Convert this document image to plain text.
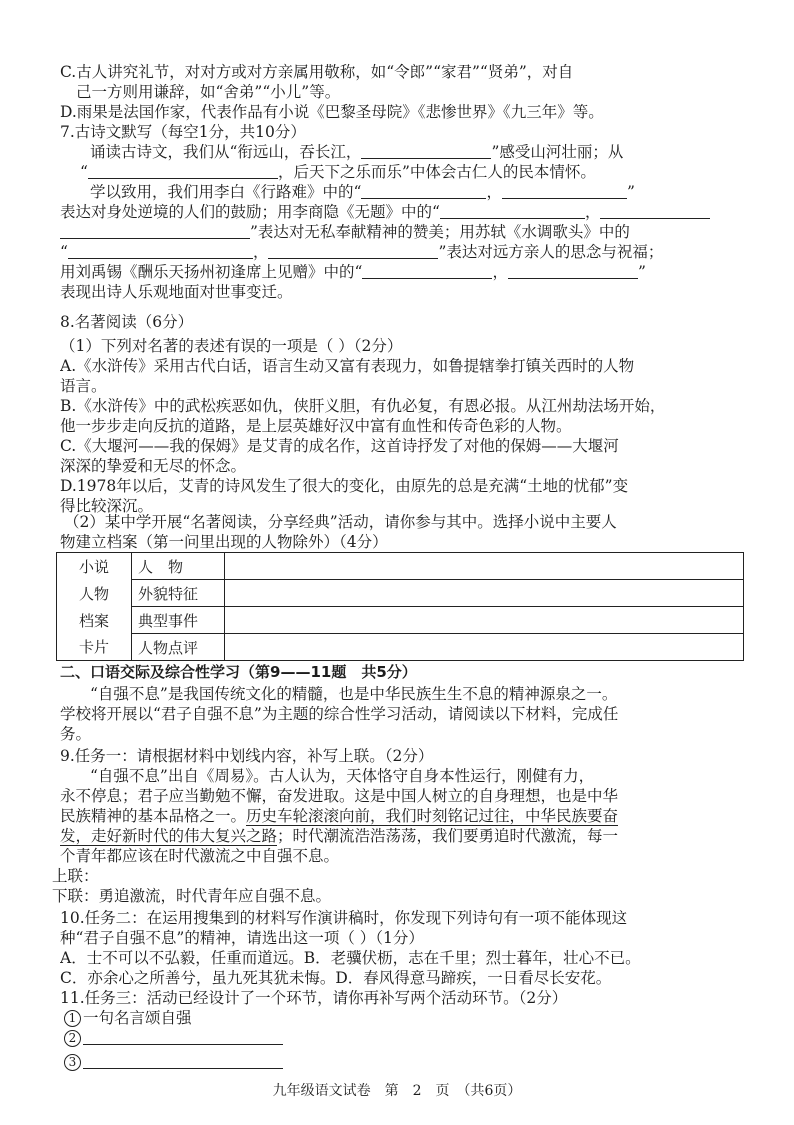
C.古人讲究礼节，对对方或对方亲属用敬称，如“令郎”“家君”“贤弟”，对自
己一方则用谦辞，如“舍弟”“小儿”等。
D.雨果是法国作家，代表作品有小说《巴黎圣母院》《悲惨世界》《九三年》等。
7.古诗文默写（每空1分，共10分）
诵读古诗文，我们从“衔远山，吞长江，	”感受山河壮丽；从
“	，后天下之乐而乐”中体会古仁人的民本情怀。
学以致用，我们用李白《行路难》中的“	，	”
表达对身处逆境的人们的鼓励；用李商隐《无题》中的“	，
”表达对无私奉献精神的赞美；用苏轼《水调歌头》中的
“	，	”表达对远方亲人的思念与祝福；
用刘禹锡《酬乐天扬州初逢席上见赠》中的“	，	”
表现出诗人乐观地面对世事变迁。
8.名著阅读（6分）
（1）下列对名著的表述有误的一项是（ ）（2分）
A.《水浒传》采用古代白话，语言生动又富有表现力，如鲁提辖拳打镇关西时的人物
语言。
B.《水浒传》中的武松疾恶如仇，侠肝义胆，有仇必复，有恩必报。从江州劫法场开始，
他一步步走向反抗的道路，是上层英雄好汉中富有血性和传奇色彩的人物。
C.《大堰河——我的保姆》是艾青的成名作，这首诗抒发了对他的保姆——大堰河
深深的挚爱和无尽的怀念。
D.1978年以后，艾青的诗风发生了很大的变化，由原先的总是充满“土地的忧郁”变
得比较深沉。
（2）某中学开展“名著阅读，分享经典”活动，请你参与其中。选择小说中主要人
小说	人　物	
人物	外貌特征	
档案	典型事件	
卡片	人物点评	
物建立档案（第一问里出现的人物除外）（4分）
二、口语交际及综合性学习（第9——11题　共5分）
“自强不息”是我国传统文化的精髓，也是中华民族生生不息的精神源泉之一。
学校将开展以“君子自强不息”为主题的综合性学习活动，请阅读以下材料，完成任
务。
9.任务一：请根据材料中划线内容，补写上联。（2分）
“自强不息”出自《周易》。古人认为，天体恪守自身本性运行，刚健有力，
永不停息；君子应当勤勉不懈，奋发进取。这是中国人树立的自身理想，也是中华
民族精神的基本品格之一。历史车轮滚滚向前，我们时刻铭记过往，中华民族要奋
发，走好新时代的伟大复兴之路；时代潮流浩浩荡荡，我们要勇追时代激流，每一
个青年都应该在时代激流之中自强不息。
上联：
下联：勇追激流，时代青年应自强不息。
10.任务二：在运用搜集到的材料写作演讲稿时，你发现下列诗句有一项不能体现这
种“君子自强不息”的精神，请选出这一项（ ）（1分）
A．士不可以不弘毅，任重而道远。B．老骥伏枥，志在千里；烈士暮年，壮心不已。
C．亦余心之所善兮，虽九死其犹未悔。D．春风得意马蹄疾，一日看尽长安花。
11.任务三：活动已经设计了一个环节，请你再补写两个活动环节。（2分）
1 一句名言颂自强
2
九年级语文试卷　第　2　页　（共6页）
3
